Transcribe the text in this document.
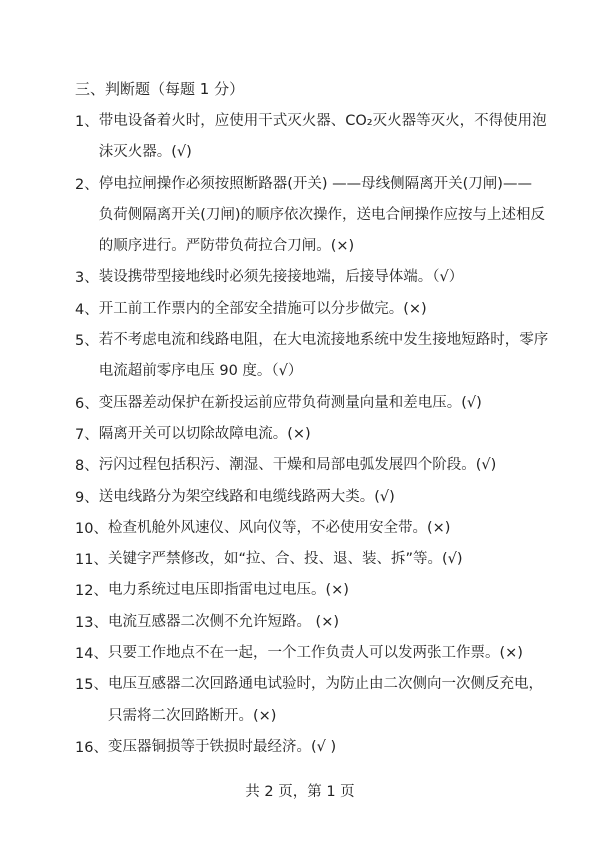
三、判断题（每题 1 分）
1、 带电设备着火时，应使用干式灭火器、CO₂灭火器等灭火，不得使用泡
沫灭火器。(√)
2、 停电拉闸操作必须按照断路器(开关) ——母线侧隔离开关(刀闸)——
负荷侧隔离开关(刀闸)的顺序依次操作，送电合闸操作应按与上述相反
的顺序进行。严防带负荷拉合刀闸。(×)
3、 装设携带型接地线时必须先接接地端，后接导体端。（√）
4、 开工前工作票内的全部安全措施可以分步做完。(×)
5、 若不考虑电流和线路电阻，在大电流接地系统中发生接地短路时，零序
电流超前零序电压 90 度。（√）
6、 变压器差动保护在新投运前应带负荷测量向量和差电压。(√)
7、 隔离开关可以切除故障电流。(×)
8、 污闪过程包括积污、潮湿、干燥和局部电弧发展四个阶段。(√)
9、 送电线路分为架空线路和电缆线路两大类。(√)
10、 检查机舱外风速仪、风向仪等，不必使用安全带。(×)
11、 关键字严禁修改，如“拉、合、投、退、装、拆”等。(√)
12、 电力系统过电压即指雷电过电压。(×)
13、 电流互感器二次侧不允许短路。 (×)
14、 只要工作地点不在一起，一个工作负责人可以发两张工作票。(×)
15、 电压互感器二次回路通电试验时，为防止由二次侧向一次侧反充电，
只需将二次回路断开。(×)
16、 变压器铜损等于铁损时最经济。(√ )
共 2 页，第 1 页
